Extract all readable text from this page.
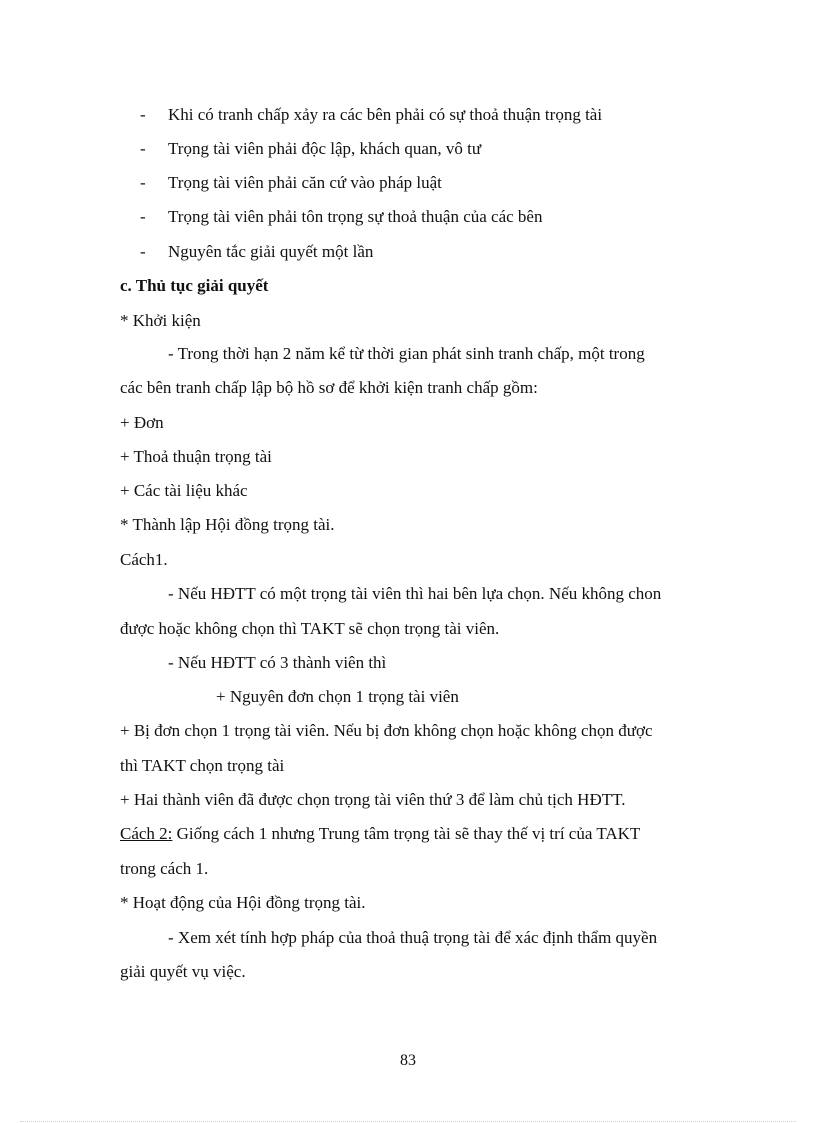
- Khi có tranh chấp xảy ra các bên phải có sự thoả thuận trọng tài
- Trọng tài viên phải độc lập, khách quan, vô tư
- Trọng tài viên phải căn cứ vào pháp luật
- Trọng tài viên phải tôn trọng sự thoả thuận của các bên
- Nguyên tắc giải quyết một lần
c. Thủ tục giải quyết
* Khởi kiện
- Trong thời hạn 2 năm kể từ thời gian phát sinh tranh chấp, một trong
các bên tranh chấp lập bộ hồ sơ để khởi kiện tranh chấp gồm:
+ Đơn
+ Thoả thuận trọng tài
+ Các tài liệu khác
* Thành lập Hội đồng trọng tài.
Cách1.
- Nếu HĐTT có một trọng tài viên thì hai bên lựa chọn. Nếu không chon
được hoặc không chọn thì TAKT sẽ chọn trọng tài viên.
- Nếu HĐTT có 3 thành viên thì
+ Nguyên đơn chọn 1 trọng tài viên
+ Bị đơn chọn 1 trọng tài viên. Nếu bị đơn không chọn hoặc không chọn được
thì TAKT chọn trọng tài
+ Hai thành viên đã được chọn trọng tài viên thứ 3 để làm chủ tịch HĐTT.
Cách 2: Giống cách 1 nhưng Trung tâm trọng tài sẽ thay thế vị trí của TAKT
trong cách 1.
* Hoạt động của Hội đồng trọng tài.
- Xem xét tính hợp pháp của thoả thuậ trọng tài để xác định thẩm quyền
giải quyết vụ việc.
83
